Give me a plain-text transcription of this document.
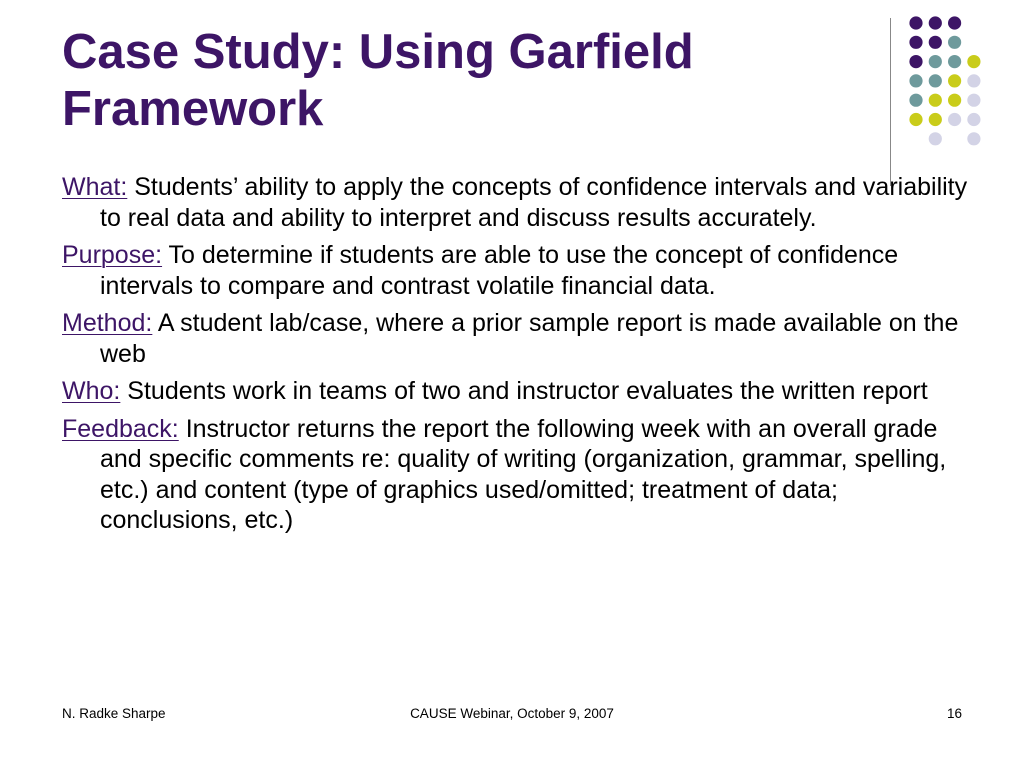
Case Study: Using Garfield
Framework

What: Students’ ability to apply the concepts of confidence intervals and variability to real data and ability to interpret and discuss results accurately.

Purpose: To determine if students are able to use the concept of confidence intervals to compare and contrast volatile financial data.

Method: A student lab/case, where a prior sample report is made available on the web

Who: Students work in teams of two and instructor evaluates the written report

Feedback: Instructor returns the report the following week with an overall grade and specific comments re: quality of writing (organization, grammar, spelling, etc.) and content (type of graphics used/omitted; treatment of data; conclusions, etc.)

N. Radke Sharpe	CAUSE Webinar, October 9, 2007	16
